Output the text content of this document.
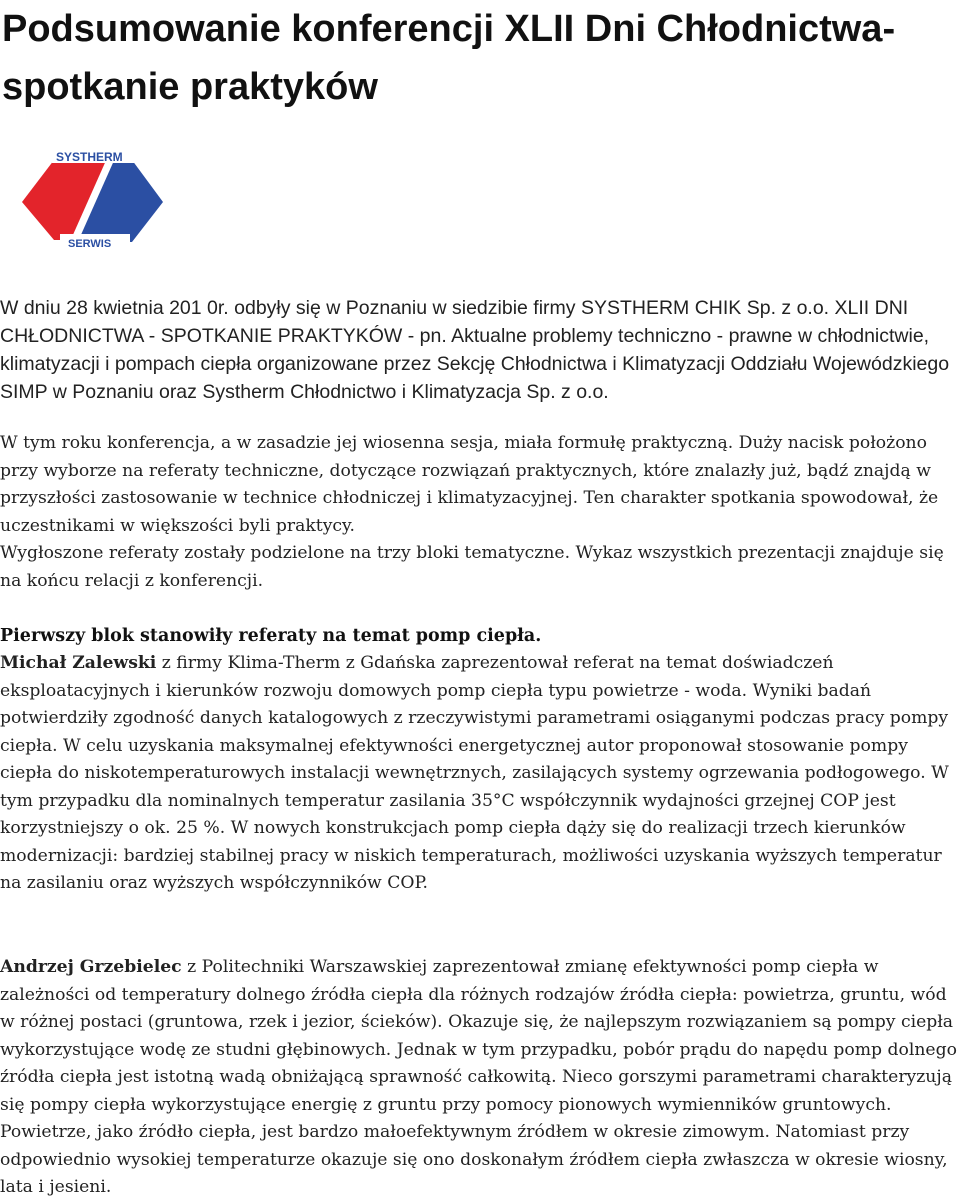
Podsumowanie konferencji XLII Dni Chłodnictwa- spotkanie praktyków
SYSTHERM
SERWIS

W dniu 28 kwietnia 201 0r. odbyły się w Poznaniu w siedzibie firmy SYSTHERM CHIK Sp. z o.o. XLII DNI CHŁODNICTWA - SPOTKANIE PRAKTYKÓW - pn. Aktualne problemy techniczno - prawne w chłodnictwie, klimatyzacji i pompach ciepła organizowane przez Sekcję Chłodnictwa i Klimatyzacji Oddziału Wojewódzkiego SIMP w Poznaniu oraz Systherm Chłodnictwo i Klimatyzacja Sp. z o.o.

W tym roku konferencja, a w zasadzie jej wiosenna sesja, miała formułę praktyczną. Duży nacisk położono przy wyborze na referaty techniczne, dotyczące rozwiązań praktycznych, które znalazły już, bądź znajdą w przyszłości zastosowanie w technice chłodniczej i klimatyzacyjnej. Ten charakter spotkania spowodował, że uczestnikami w większości byli praktycy.

Wygłoszone referaty zostały podzielone na trzy bloki tematyczne. Wykaz wszystkich prezentacji znajduje się na końcu relacji z konferencji.

Pierwszy blok stanowiły referaty na temat pomp ciepła.

Michał Zalewski z firmy Klima-Therm z Gdańska zaprezentował referat na temat doświadczeń eksploatacyjnych i kierunków rozwoju domowych pomp ciepła typu powietrze - woda. Wyniki badań potwierdziły zgodność danych katalogowych z rzeczywistymi parametrami osiąganymi podczas pracy pompy ciepła. W celu uzyskania maksymalnej efektywności energetycznej autor proponował stosowanie pompy ciepła do niskotemperaturowych instalacji wewnętrznych, zasilających systemy ogrzewania podłogowego. W tym przypadku dla nominalnych temperatur zasilania 35°C współczynnik wydajności grzejnej COP jest korzystniejszy o ok. 25 %. W nowych konstrukcjach pomp ciepła dąży się do realizacji trzech kierunków modernizacji: bardziej stabilnej pracy w niskich temperaturach, możliwości uzyskania wyższych temperatur na zasilaniu oraz wyższych współczynników COP.

Andrzej Grzebielec z Politechniki Warszawskiej zaprezentował zmianę efektywności pomp ciepła w zależności od temperatury dolnego źródła ciepła dla różnych rodzajów źródła ciepła: powietrza, gruntu, wód w różnej postaci (gruntowa, rzek i jezior, ścieków). Okazuje się, że najlepszym rozwiązaniem są pompy ciepła wykorzystujące wodę ze studni głębinowych. Jednak w tym przypadku, pobór prądu do napędu pomp dolnego źródła ciepła jest istotną wadą obniżającą sprawność całkowitą. Nieco gorszymi parametrami charakteryzują się pompy ciepła wykorzystujące energię z gruntu przy pomocy pionowych wymienników gruntowych. Powietrze, jako źródło ciepła, jest bardzo małoefektywnym źródłem w okresie zimowym. Natomiast przy odpowiednio wysokiej temperaturze okazuje się ono doskonałym źródłem ciepła zwłaszcza w okresie wiosny, lata i jesieni.
